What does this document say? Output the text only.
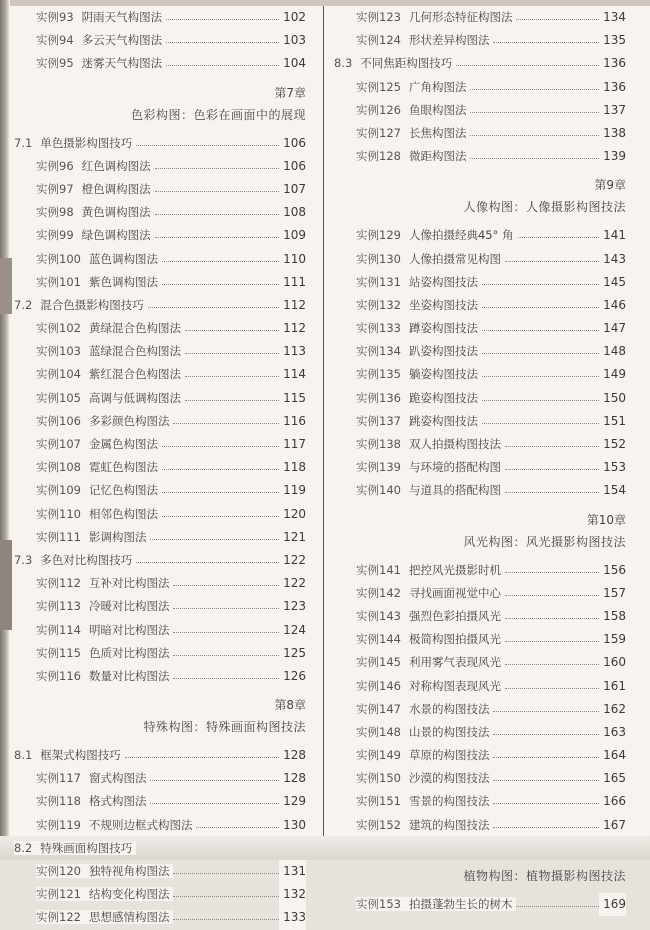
实例93 阴雨天气构图法	102
实例94 多云天气构图法	103
实例95 迷雾天气构图法	104
第7章
色彩构图：色彩在画面中的展现
7.1 单色摄影构图技巧	106
实例96 红色调构图法	106
实例97 橙色调构图法	107
实例98 黄色调构图法	108
实例99 绿色调构图法	109
实例100 蓝色调构图法	110
实例101 紫色调构图法	111
7.2 混合色摄影构图技巧	112
实例102 黄绿混合色构图法	112
实例103 蓝绿混合色构图法	113
实例104 紫红混合色构图法	114
实例105 高调与低调构图法	115
实例106 多彩颜色构图法	116
实例107 金属色构图法	117
实例108 霓虹色构图法	118
实例109 记忆色构图法	119
实例110 相邻色构图法	120
实例111 影调构图法	121
7.3 多色对比构图技巧	122
实例112 互补对比构图法	122
实例113 冷暖对比构图法	123
实例114 明暗对比构图法	124
实例115 色质对比构图法	125
实例116 数量对比构图法	126
第8章
特殊构图：特殊画面构图技法
8.1 框架式构图技巧	128
实例117 窗式构图法	128
实例118 格式构图法	129
实例119 不规则边框式构图法	130
8.2 特殊画面构图技巧
实例120 独特视角构图法	131
实例121 结构变化构图法	132
实例122 思想感情构图法	133
实例123 几何形态特征构图法	134
实例124 形状差异构图法	135
8.3 不同焦距构图技巧	136
实例125 广角构图法	136
实例126 鱼眼构图法	137
实例127 长焦构图法	138
实例128 微距构图法	139
第9章
人像构图：人像摄影构图技法
实例129 人像拍摄经典45° 角	141
实例130 人像拍摄常见构图	143
实例131 站姿构图技法	145
实例132 坐姿构图技法	146
实例133 蹲姿构图技法	147
实例134 趴姿构图技法	148
实例135 躺姿构图技法	149
实例136 跪姿构图技法	150
实例137 跳姿构图技法	151
实例138 双人拍摄构图技法	152
实例139 与环境的搭配构图	153
实例140 与道具的搭配构图	154
第10章
风光构图：风光摄影构图技法
实例141 把控风光摄影时机	156
实例142 寻找画面视觉中心	157
实例143 强烈色彩拍摄风光	158
实例144 极简构图拍摄风光	159
实例145 利用雾气表现风光	160
实例146 对称构图表现风光	161
实例147 水景的构图技法	162
实例148 山景的构图技法	163
实例149 草原的构图技法	164
实例150 沙漠的构图技法	165
实例151 雪景的构图技法	166
实例152 建筑的构图技法	167
植物构图：植物摄影构图技法
实例153 拍摄蓬勃生长的树木	169
